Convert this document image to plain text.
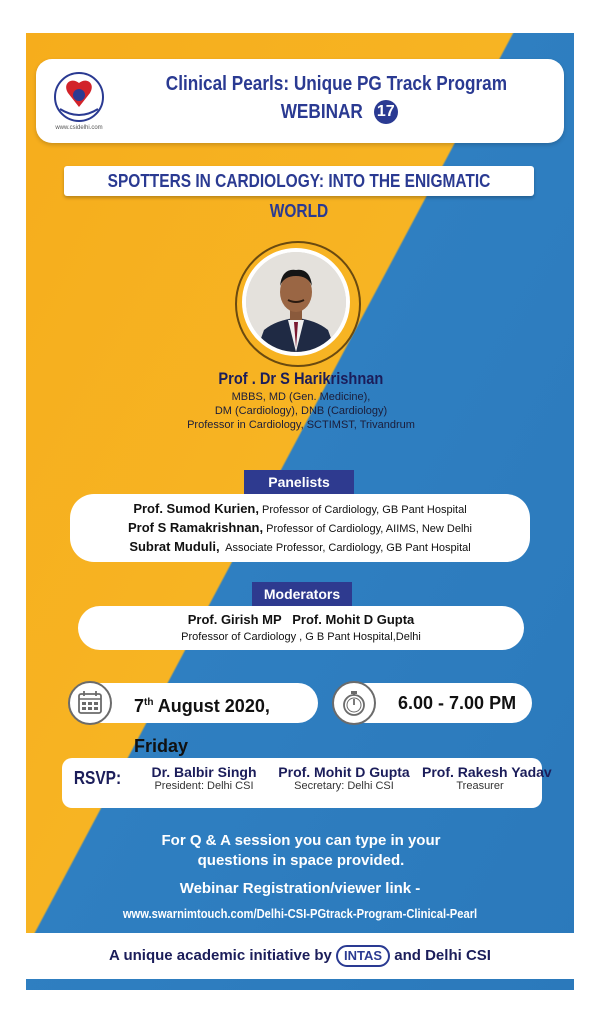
www.csidelhi.com
Clinical Pearls: Unique PG Track Program
WEBINAR 17
SPOTTERS IN CARDIOLOGY: INTO THE ENIGMATIC WORLD
Prof . Dr S Harikrishnan
MBBS, MD (Gen. Medicine),
DM (Cardiology), DNB (Cardiology)
Professor in Cardiology, SCTIMST, Trivandrum
Panelists
Prof. Sumod Kurien, Professor of Cardiology, GB Pant Hospital
Prof S Ramakrishnan, Professor of Cardiology, AIIMS, New Delhi
Subrat Muduli, Associate Professor, Cardiology, GB Pant Hospital
Moderators
Prof. Girish MP   Prof. Mohit D Gupta
Professor of Cardiology , G B Pant Hospital,Delhi
7th August 2020, Friday
6.00 - 7.00 PM
RSVP:	Dr. Balbir Singh
President: Delhi CSI
Prof. Mohit D Gupta
Secretary: Delhi CSI
Prof. Rakesh Yadav
Treasurer
For Q & A session you can type in your
questions in space provided.
Webinar Registration/viewer link -
www.swarnimtouch.com/Delhi-CSI-PGtrack-Program-Clinical-Pearl
A unique academic initiative by INTAS and Delhi CSI
